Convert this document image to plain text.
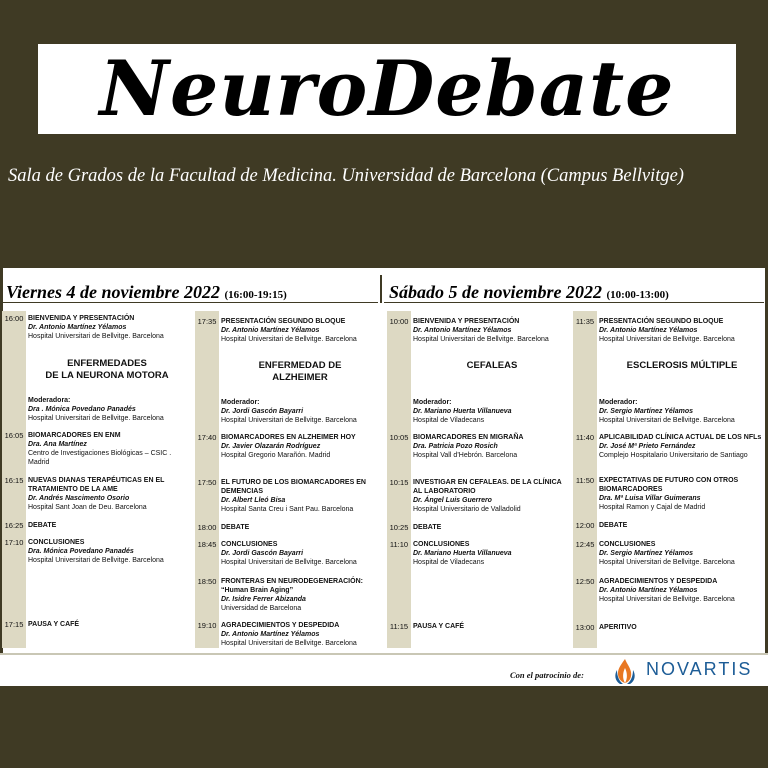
NeuroDebate
Sala de Grados de la Facultad de Medicina. Universidad de Barcelona (Campus Bellvitge)
Viernes 4 de noviembre 2022 (16:00-19:15)	Sábado 5 de noviembre 2022 (10:00-13:00)
16:00 BIENVENIDA Y PRESENTACIÓN
Dr. Antonio Martínez Yélamos
Hospital Universitari de Bellvitge. Barcelona
ENFERMEDADES
DE LA NEURONA MOTORA
Moderadora:
Dra . Mónica Povedano Panadés
Hospital Universitari de Bellvitge. Barcelona
16:05 BIOMARCADORES EN ENM
Dra. Ana Martínez
Centro de Investigaciones Biológicas – CSIC .
Madrid
16:15 NUEVAS DIANAS TERAPÉUTICAS EN EL
TRATAMIENTO DE LA AME
Dr. Andrés Nascimento Osorio
Hospital Sant Joan de Deu. Barcelona
16:25 DEBATE
17:10 CONCLUSIONES
Dra. Mónica Povedano Panadés
Hospital Universitari de Bellvitge. Barcelona
17:15 PAUSA Y CAFÉ
17:35 PRESENTACIÓN SEGUNDO BLOQUE
Dr. Antonio Martínez Yélamos
Hospital Universitari de Bellvitge. Barcelona
ENFERMEDAD DE
ALZHEIMER
Moderador:
Dr. Jordi Gascón Bayarri
Hospital Universitari de Bellvitge. Barcelona
17:40 BIOMARCADORES EN ALZHEIMER HOY
Dr. Javier Olazarán Rodríguez
Hospital Gregorio Marañón. Madrid
17:50 EL FUTURO DE LOS BIOMARCADORES EN
DEMENCIAS
Dr. Albert Lleó Bisa
Hospital Santa Creu i Sant Pau. Barcelona
18:00 DEBATE
18:45 CONCLUSIONES
Dr. Jordi Gascón Bayarri
Hospital Universitari de Bellvitge. Barcelona
18:50 FRONTERAS EN NEURODEGENERACIÓN:
“Human Brain Aging”
Dr. Isidre Ferrer Abizanda
Universidad de Barcelona
19:10 AGRADECIMIENTOS Y DESPEDIDA
Dr. Antonio Martínez Yélamos
Hospital Universitari de Bellvitge. Barcelona
10:00 BIENVENIDA Y PRESENTACIÓN
Dr. Antonio Martínez Yélamos
Hospital Universitari de Bellvitge. Barcelona
CEFALEAS
Moderador:
Dr. Mariano Huerta Villanueva
Hospital de Viladecans
10:05 BIOMARCADORES EN MIGRAÑA
Dra. Patricia Pozo Rosich
Hospital Vall d’Hebrón. Barcelona
10:15 INVESTIGAR EN CEFALEAS. DE LA CLÍNICA
AL LABORATORIO
Dr. Ángel Luis Guerrero
Hospital Universitario de Valladolid
10:25 DEBATE
11:10 CONCLUSIONES
Dr. Mariano Huerta Villanueva
Hospital de Viladecans
11:15 PAUSA Y CAFÉ
11:35 PRESENTACIÓN SEGUNDO BLOQUE
Dr. Antonio Martínez Yélamos
Hospital Universitari de Bellvitge. Barcelona
ESCLEROSIS MÚLTIPLE
Moderador:
Dr. Sergio Martínez Yélamos
Hospital Universitari de Bellvitge. Barcelona
11:40 APLICABILIDAD CLÍNICA ACTUAL DE LOS NFLs
Dr. José Mª Prieto Fernández
Complejo Hospitalario Universitario de Santiago
11:50 EXPECTATIVAS DE FUTURO CON OTROS
BIOMARCADORES
Dra. Mª Luisa Villar Guimerans
Hospital Ramon y Cajal de Madrid
12:00 DEBATE
12:45 CONCLUSIONES
Dr. Sergio Martínez Yélamos
Hospital Universitari de Bellvitge. Barcelona
12:50 AGRADECIMIENTOS Y DESPEDIDA
Dr. Antonio Martínez Yélamos
Hospital Universitari de Bellvitge. Barcelona
13:00 APERITIVO
Con el patrocinio de:	NOVARTIS
